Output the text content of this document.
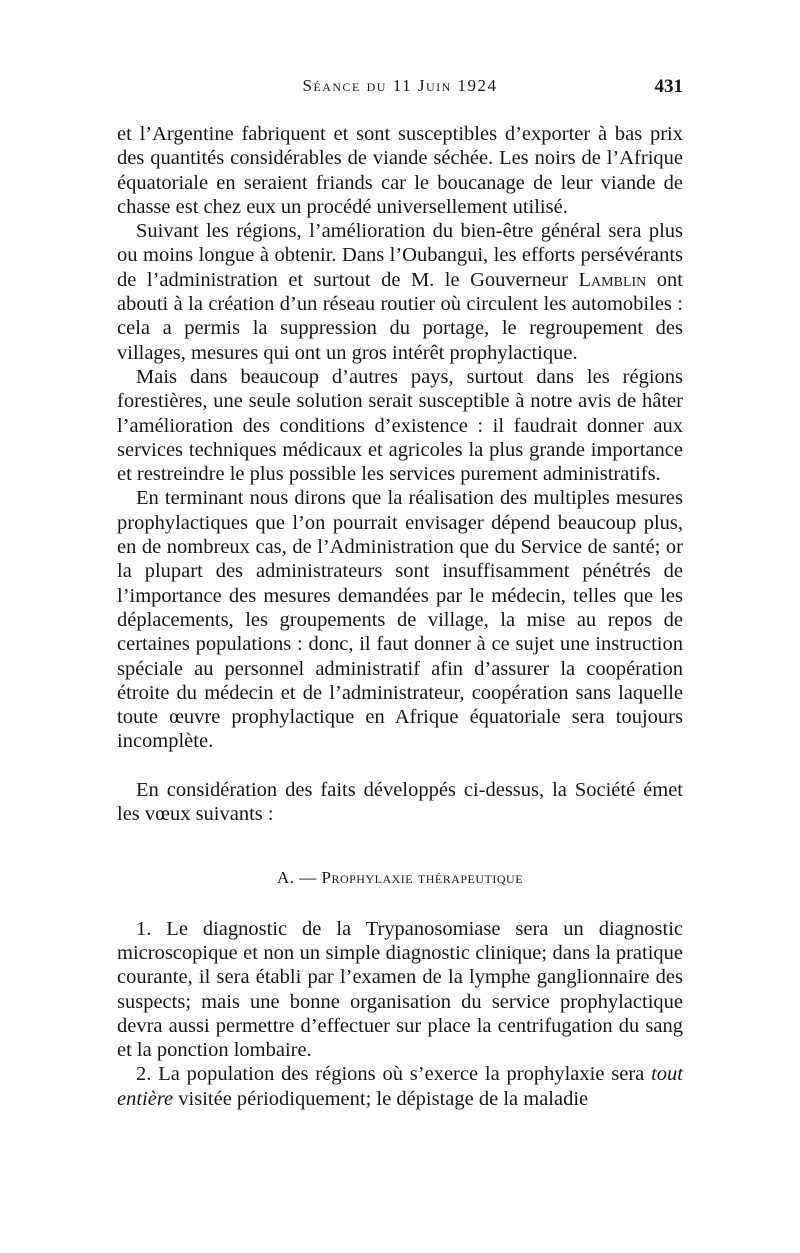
Séance du 11 Juin 1924	431

et l’Argentine fabriquent et sont susceptibles d’exporter à bas prix des quantités considérables de viande séchée. Les noirs de l’Afrique équatoriale en seraient friands car le boucanage de leur viande de chasse est chez eux un procédé universellement utilisé.

Suivant les régions, l’amélioration du bien-être général sera plus ou moins longue à obtenir. Dans l’Oubangui, les efforts persévérants de l’administration et surtout de M. le Gouverneur Lamblin ont abouti à la création d’un réseau routier où circulent les automobiles : cela a permis la suppression du portage, le regroupement des villages, mesures qui ont un gros intérêt prophylactique.

Mais dans beaucoup d’autres pays, surtout dans les régions forestières, une seule solution serait susceptible à notre avis de hâter l’amélioration des conditions d’existence : il faudrait donner aux services techniques médicaux et agricoles la plus grande importance et restreindre le plus possible les services purement administratifs.

En terminant nous dirons que la réalisation des multiples mesures prophylactiques que l’on pourrait envisager dépend beaucoup plus, en de nombreux cas, de l’Administration que du Service de santé; or la plupart des administrateurs sont insuffisamment pénétrés de l’importance des mesures demandées par le médecin, telles que les déplacements, les groupements de village, la mise au repos de certaines populations : donc, il faut donner à ce sujet une instruction spéciale au personnel administratif afin d’assurer la coopération étroite du médecin et de l’administrateur, coopération sans laquelle toute œuvre prophylactique en Afrique équatoriale sera toujours incomplète.

En considération des faits développés ci-dessus, la Société émet les vœux suivants :

A. — Prophylaxie thérapeutique

1. Le diagnostic de la Trypanosomiase sera un diagnostic microscopique et non un simple diagnostic clinique; dans la pratique courante, il sera établi par l’examen de la lymphe ganglionnaire des suspects; mais une bonne organisation du service prophylactique devra aussi permettre d’effectuer sur place la centrifugation du sang et la ponction lombaire.

2. La population des régions où s’exerce la prophylaxie sera tout entière visitée périodiquement; le dépistage de la maladie
